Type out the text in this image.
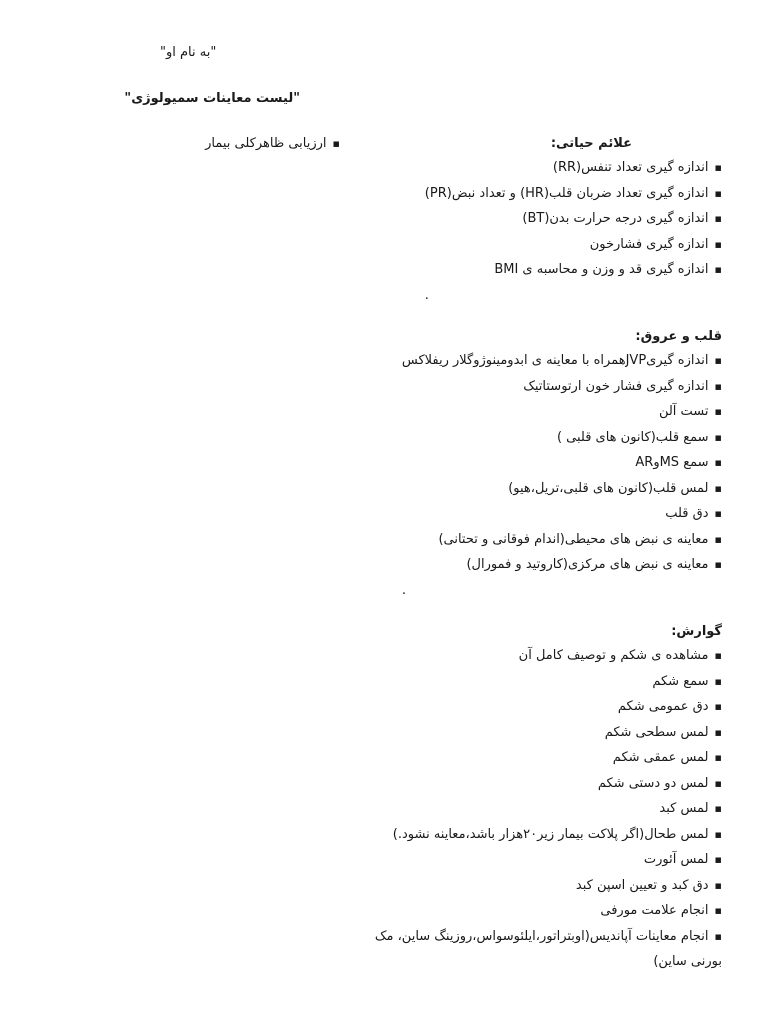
"به نام او"
"لیست معاینات سمیولوژی"
▪ارزیابی ظاهرکلی بیمار	علائم حیاتی:
▪ اندازه گیری تعداد تنفس(RR)
▪ اندازه گیری تعداد ضربان قلب(HR) و تعداد نبض(PR)
▪ اندازه گیری درجه حرارت بدن(BT)
▪ اندازه گیری فشارخون
▪ اندازه گیری قد و وزن و محاسبه ی BMI
.
قلب و عروق:
▪ اندازه گیریJVPهمراه با معاینه ی ابدومینوژوگلار ریفلاکس
▪ اندازه گیری فشار خون ارتوستاتیک
▪ تست آلن
▪ سمع قلب(کانون های قلبی )
▪ سمع MSوAR
▪ لمس قلب(کانون های قلبی،تریل،هیو)
▪ دق قلب
▪ معاینه ی نبض های محیطی(اندام فوقانی و تحتانی)
▪ معاینه ی نبض های مرکزی(کاروتید و فمورال)
.
گوارش:
▪ مشاهده ی شکم و توصیف کامل آن
▪ سمع شکم
▪ دق عمومی شکم
▪ لمس سطحی شکم
▪ لمس عمقی شکم
▪ لمس دو دستی شکم
▪ لمس کبد
▪ لمس طحال(اگر پلاکت بیمار زیر۲۰هزار باشد،معاینه نشود.)
▪ لمس آئورت
▪ دق کبد و تعیین اسپن کبد
▪ انجام علامت مورفی
▪ انجام معاینات آپاندیس(اوبتراتور،ایلئوسواس،روزینگ ساین، مک بورنی ساین)
